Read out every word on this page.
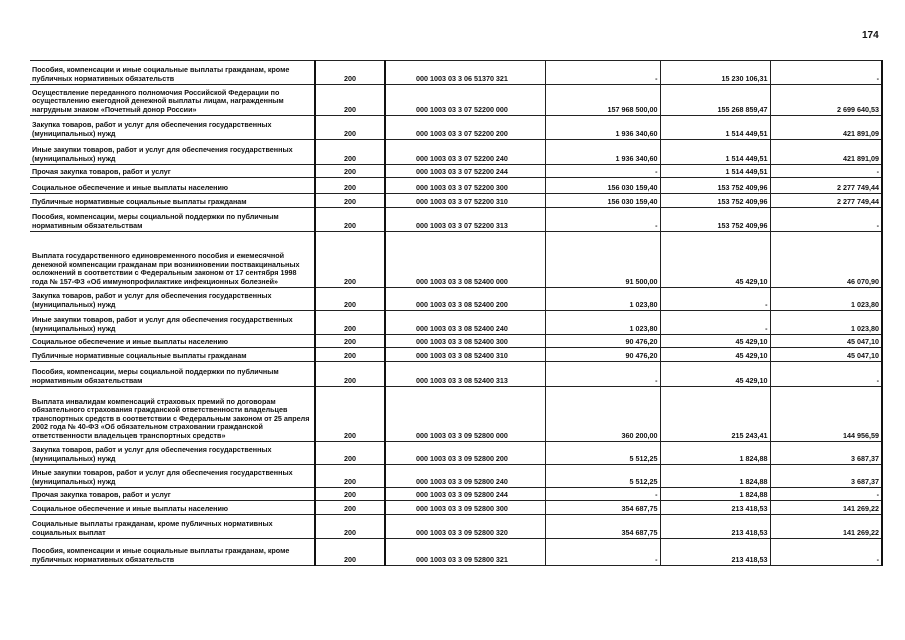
174
Пособия, компенсации и иные социальные выплаты гражданам, кроме публичных нормативных обязательств	200	000 1003 03 3 06 51370 321	-	15 230 106,31	-
Осуществление переданного полномочия Российской Федерации по осуществлению ежегодной денежной выплаты лицам, награжденным нагрудным знаком «Почетный донор России»	200	000 1003 03 3 07 52200 000	157 968 500,00	155 268 859,47	2 699 640,53
Закупка товаров, работ и услуг для обеспечения государственных (муниципальных) нужд	200	000 1003 03 3 07 52200 200	1 936 340,60	1 514 449,51	421 891,09
Иные закупки товаров, работ и услуг для обеспечения государственных (муниципальных) нужд	200	000 1003 03 3 07 52200 240	1 936 340,60	1 514 449,51	421 891,09
Прочая закупка товаров, работ и услуг	200	000 1003 03 3 07 52200 244	-	1 514 449,51	-
Социальное обеспечение и иные выплаты населению	200	000 1003 03 3 07 52200 300	156 030 159,40	153 752 409,96	2 277 749,44
Публичные нормативные социальные выплаты гражданам	200	000 1003 03 3 07 52200 310	156 030 159,40	153 752 409,96	2 277 749,44
Пособия, компенсации, меры социальной поддержки по публичным нормативным обязательствам	200	000 1003 03 3 07 52200 313	-	153 752 409,96	-
Выплата государственного единовременного пособия и ежемесячной денежной компенсации гражданам при возникновении поствакцинальных осложнений в соответствии с Федеральным законом от 17 сентября 1998 года № 157-ФЗ «Об иммунопрофилактике инфекционных болезней»	200	000 1003 03 3 08 52400 000	91 500,00	45 429,10	46 070,90
Закупка товаров, работ и услуг для обеспечения государственных (муниципальных) нужд	200	000 1003 03 3 08 52400 200	1 023,80	-	1 023,80
Иные закупки товаров, работ и услуг для обеспечения государственных (муниципальных) нужд	200	000 1003 03 3 08 52400 240	1 023,80	-	1 023,80
Социальное обеспечение и иные выплаты населению	200	000 1003 03 3 08 52400 300	90 476,20	45 429,10	45 047,10
Публичные нормативные социальные выплаты гражданам	200	000 1003 03 3 08 52400 310	90 476,20	45 429,10	45 047,10
Пособия, компенсации, меры социальной поддержки по публичным нормативным обязательствам	200	000 1003 03 3 08 52400 313	-	45 429,10	-
Выплата инвалидам компенсаций страховых премий по договорам обязательного страхования гражданской ответственности владельцев транспортных средств в соответствии с Федеральным законом от 25 апреля 2002 года № 40-ФЗ «Об обязательном страховании гражданской ответственности владельцев транспортных средств»	200	000 1003 03 3 09 52800 000	360 200,00	215 243,41	144 956,59
Закупка товаров, работ и услуг для обеспечения государственных (муниципальных) нужд	200	000 1003 03 3 09 52800 200	5 512,25	1 824,88	3 687,37
Иные закупки товаров, работ и услуг для обеспечения государственных (муниципальных) нужд	200	000 1003 03 3 09 52800 240	5 512,25	1 824,88	3 687,37
Прочая закупка товаров, работ и услуг	200	000 1003 03 3 09 52800 244	-	1 824,88	-
Социальное обеспечение и иные выплаты населению	200	000 1003 03 3 09 52800 300	354 687,75	213 418,53	141 269,22
Социальные выплаты гражданам, кроме публичных нормативных социальных выплат	200	000 1003 03 3 09 52800 320	354 687,75	213 418,53	141 269,22
Пособия, компенсации и иные социальные выплаты гражданам, кроме публичных нормативных обязательств	200	000 1003 03 3 09 52800 321	-	213 418,53	-
